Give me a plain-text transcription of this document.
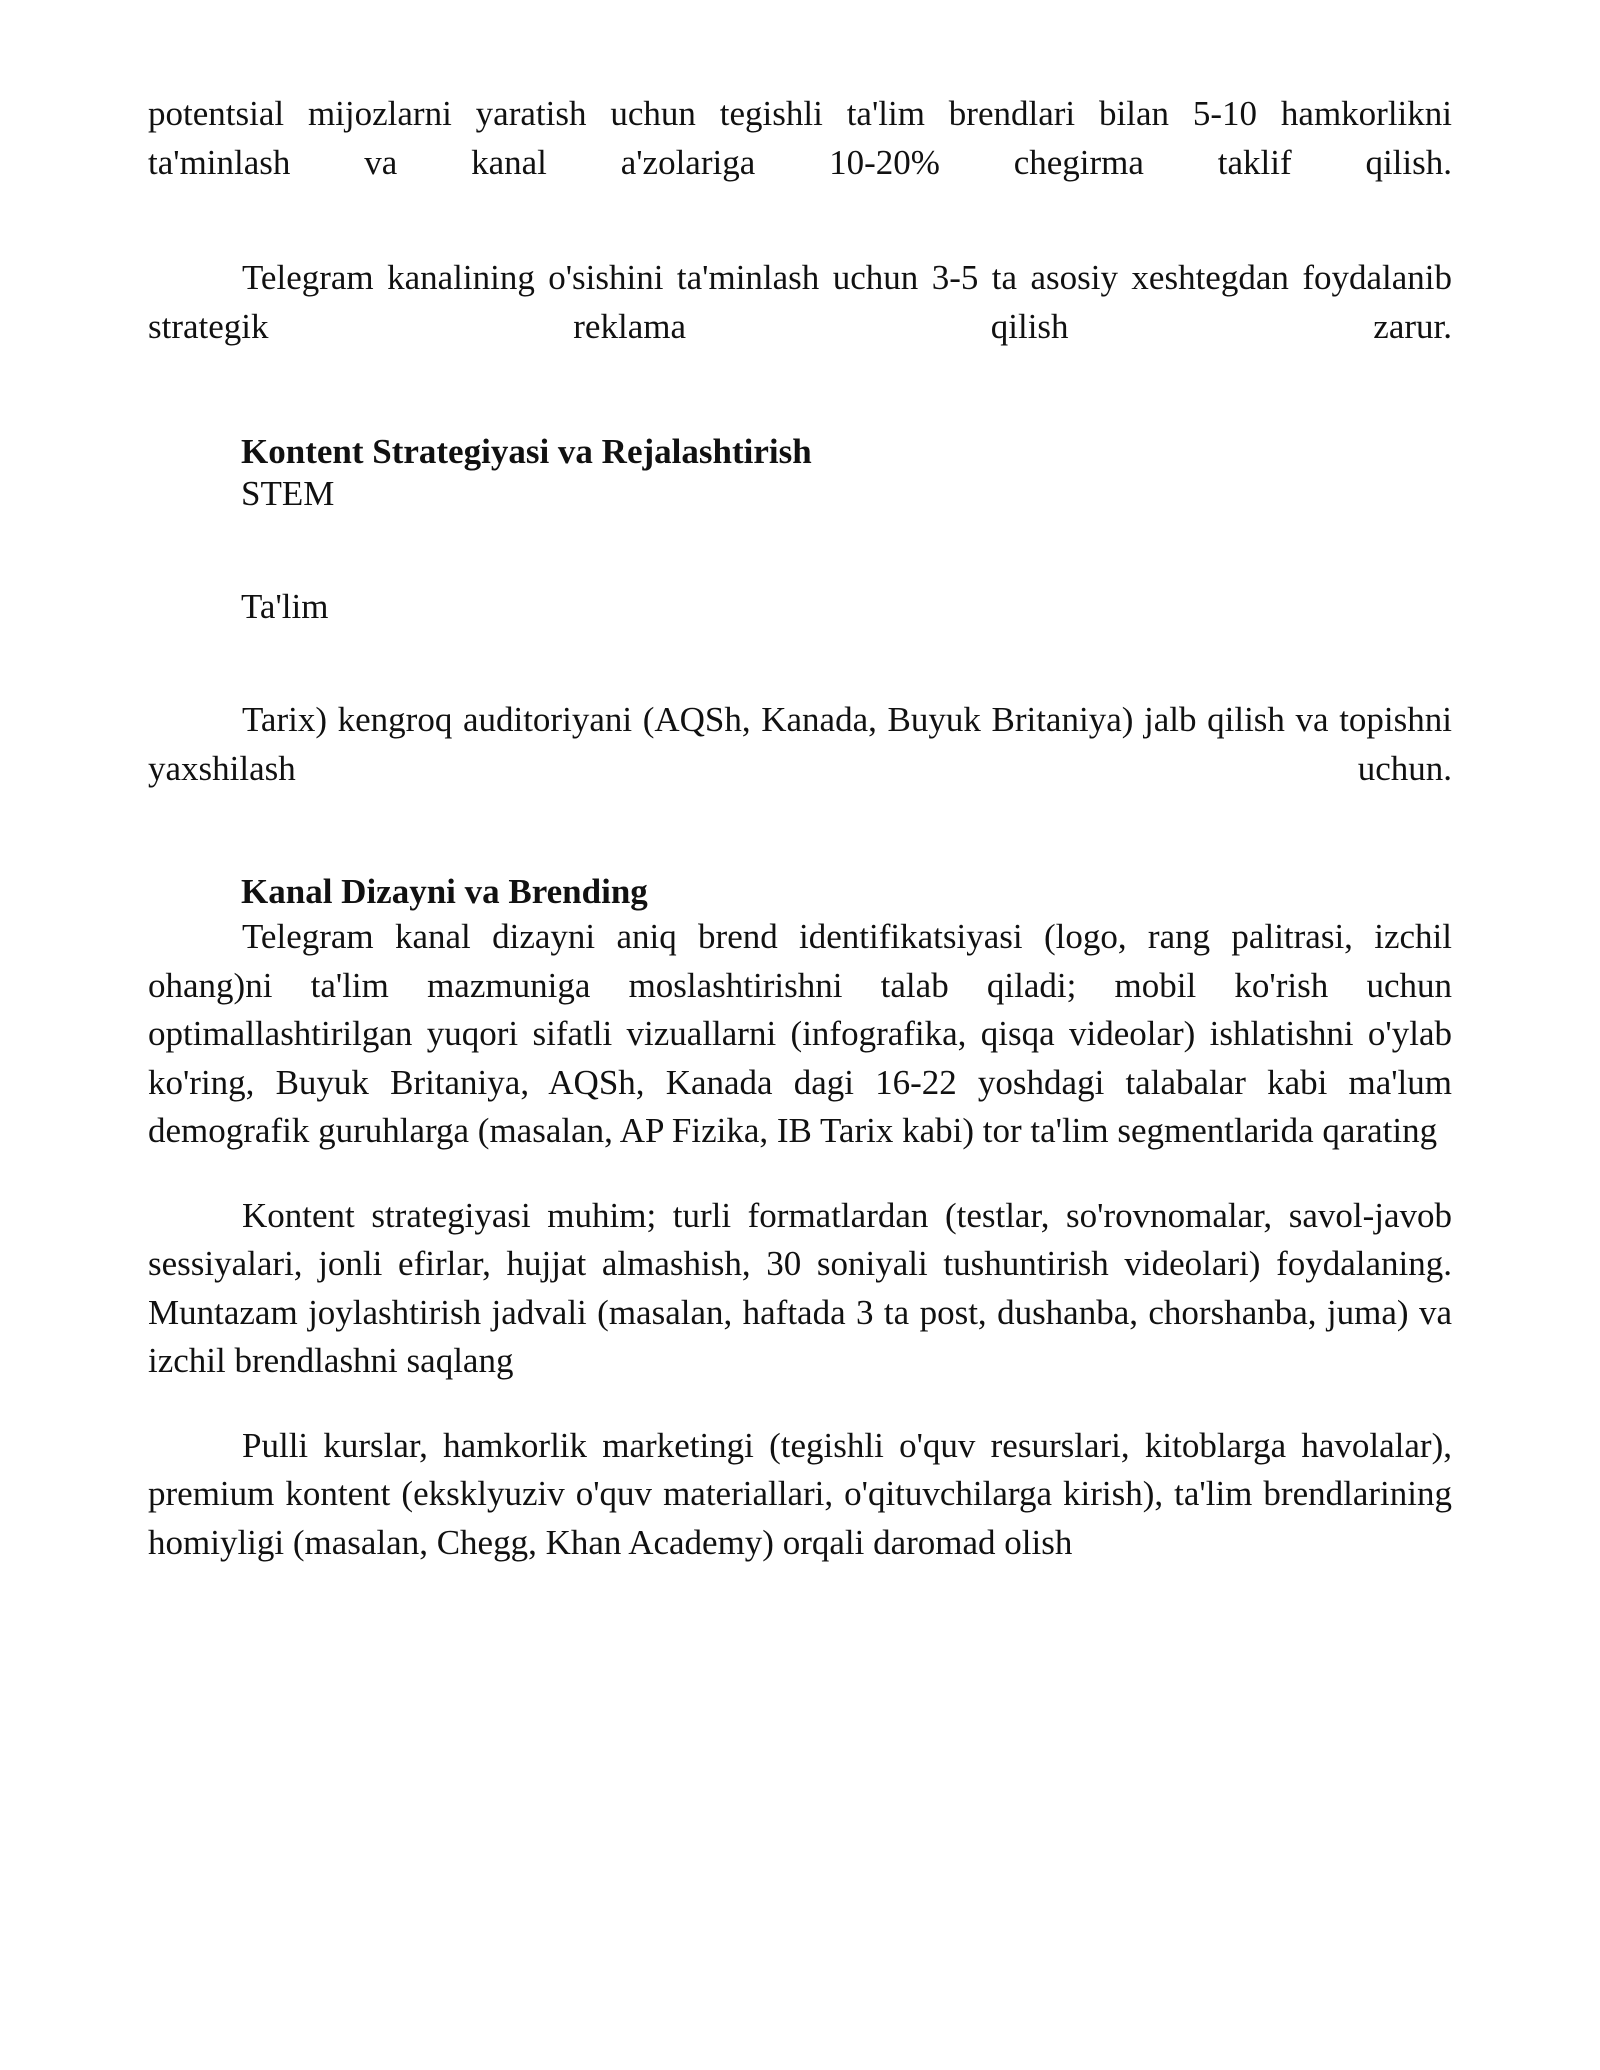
potentsial mijozlarni yaratish uchun tegishli ta'lim brendlari bilan 5-10 hamkorlikni ta'minlash va kanal a'zolariga 10-20% chegirma taklif qilish.

Telegram kanalining o'sishini ta'minlash uchun 3-5 ta asosiy xeshtegdan foydalanib strategik reklama qilish zarur.

Kontent Strategiyasi va Rejalashtirish

STEM

Ta'lim

Tarix) kengroq auditoriyani (AQSh, Kanada, Buyuk Britaniya) jalb qilish va topishni yaxshilash uchun.

Kanal Dizayni va Brending

Telegram kanal dizayni aniq brend identifikatsiyasi (logo, rang palitrasi, izchil ohang)ni ta'lim mazmuniga moslashtirishni talab qiladi; mobil ko'rish uchun optimallashtirilgan yuqori sifatli vizuallarni (infografika, qisqa videolar) ishlatishni o'ylab ko'ring, Buyuk Britaniya, AQSh, Kanada dagi 16-22 yoshdagi talabalar kabi ma'lum demografik guruhlarga (masalan, AP Fizika, IB Tarix kabi) tor ta'lim segmentlarida qarating

Kontent strategiyasi muhim; turli formatlardan (testlar, so'rovnomalar, savol-javob sessiyalari, jonli efirlar, hujjat almashish, 30 soniyali tushuntirish videolari) foydalaning. Muntazam joylashtirish jadvali (masalan, haftada 3 ta post, dushanba, chorshanba, juma) va izchil brendlashni saqlang

Pulli kurslar, hamkorlik marketingi (tegishli o'quv resurslari, kitoblarga havolalar), premium kontent (eksklyuziv o'quv materiallari, o'qituvchilarga kirish), ta'lim brendlarining homiyligi (masalan, Chegg, Khan Academy) orqali daromad olish
